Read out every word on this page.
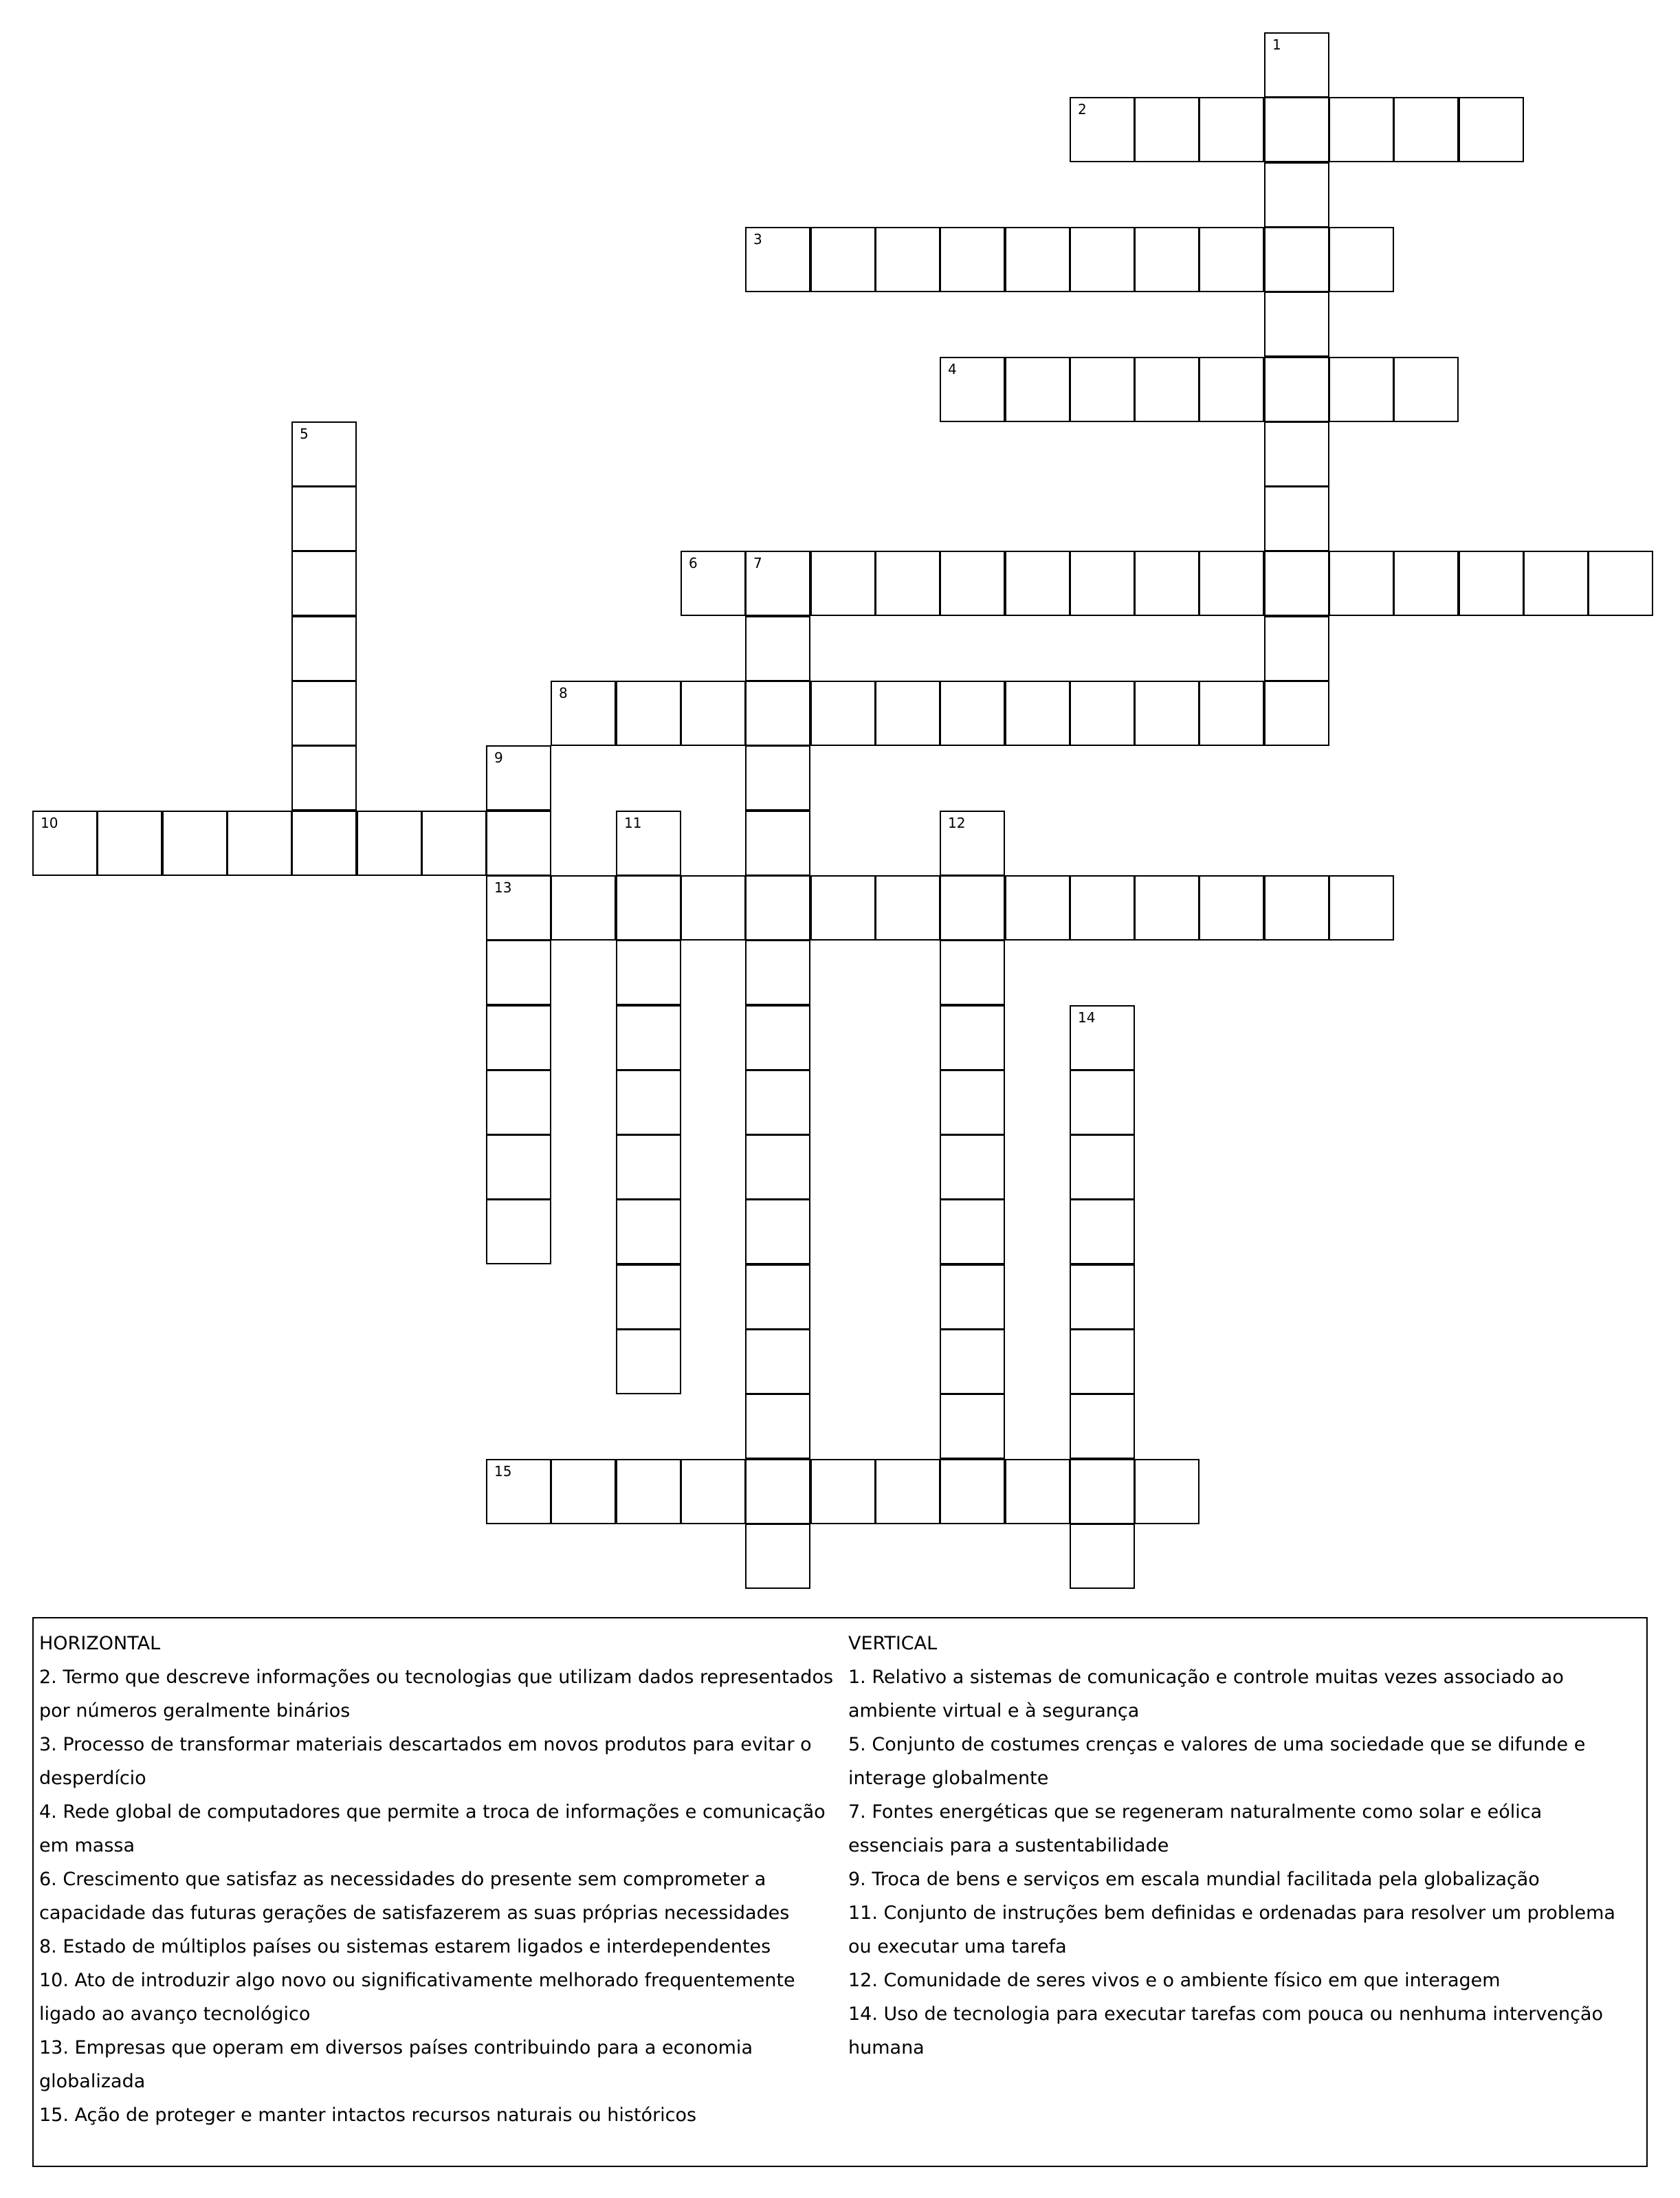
1
2
3
4
5
6	7
8
9
13
10	11	12
14
15
HORIZONTAL
2. Termo que descreve informações ou tecnologias que utilizam dados representados por números geralmente binários
3. Processo de transformar materiais descartados em novos produtos para evitar o desperdício
4. Rede global de computadores que permite a troca de informações e comunicação em massa
6. Crescimento que satisfaz as necessidades do presente sem comprometer a capacidade das futuras gerações de satisfazerem as suas próprias necessidades
8. Estado de múltiplos países ou sistemas estarem ligados e interdependentes
10. Ato de introduzir algo novo ou significativamente melhorado frequentemente ligado ao avanço tecnológico
13. Empresas que operam em diversos países contribuindo para a economia globalizada
15. Ação de proteger e manter intactos recursos naturais ou históricos
VERTICAL
1. Relativo a sistemas de comunicação e controle muitas vezes associado ao ambiente virtual e à segurança
5. Conjunto de costumes crenças e valores de uma sociedade que se difunde e interage globalmente
7. Fontes energéticas que se regeneram naturalmente como solar e eólica essenciais para a sustentabilidade
9. Troca de bens e serviços em escala mundial facilitada pela globalização
11. Conjunto de instruções bem definidas e ordenadas para resolver um problema ou executar uma tarefa
12. Comunidade de seres vivos e o ambiente físico em que interagem
14. Uso de tecnologia para executar tarefas com pouca ou nenhuma intervenção humana
